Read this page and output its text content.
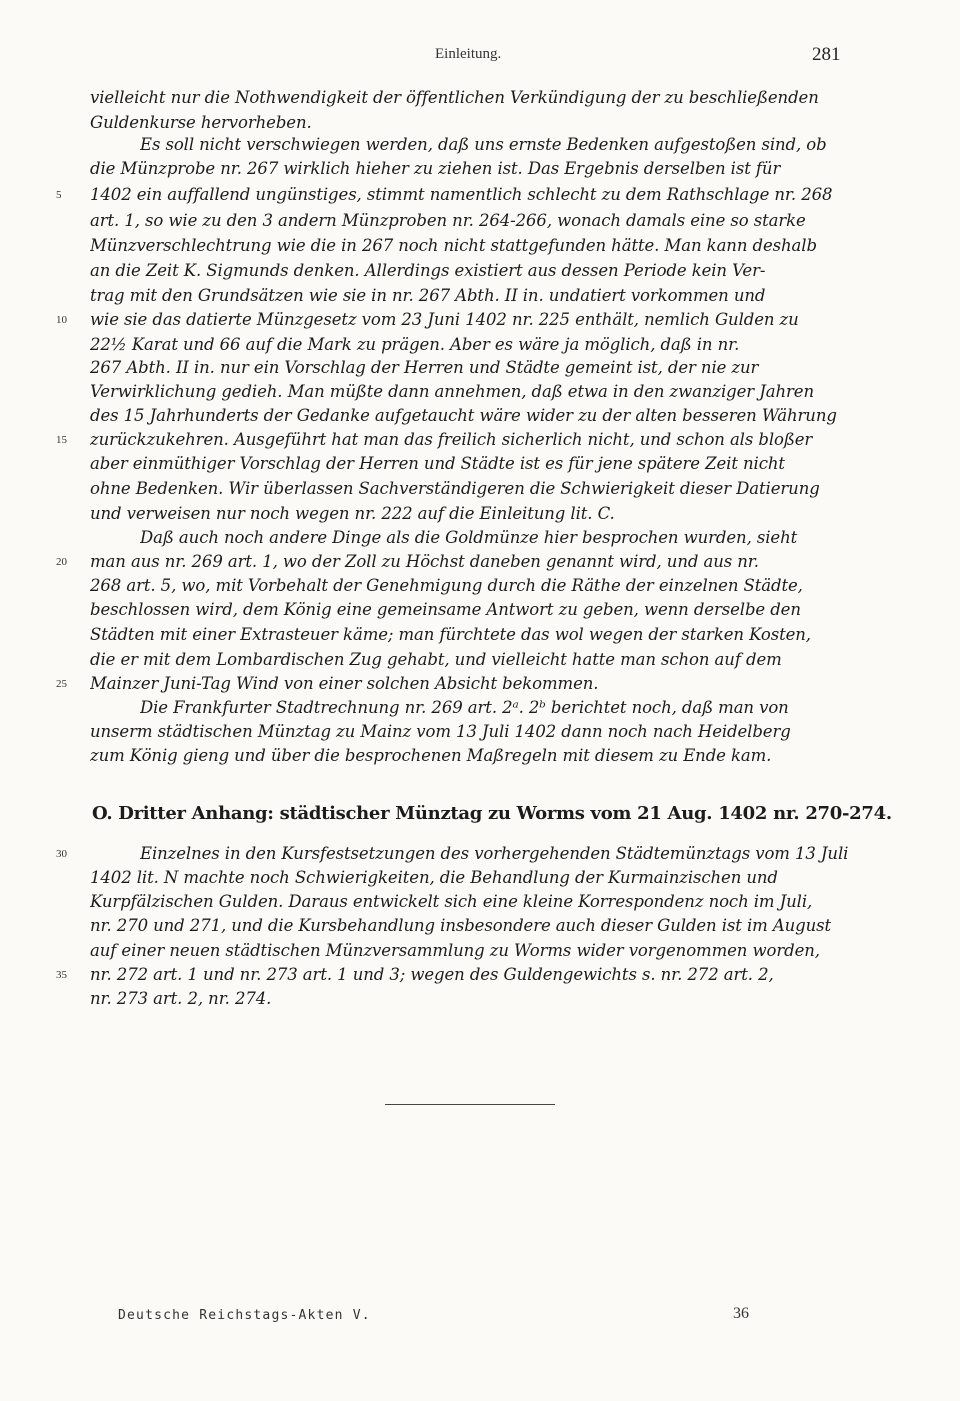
Einleitung.	281
vielleicht nur die Nothwendigkeit der öffentlichen Verkündigung der zu beschließenden
Guldenkurse hervorheben.
Es soll nicht verschwiegen werden, daß uns ernste Bedenken aufgestoßen sind, ob
die Münzprobe nr. 267 wirklich hieher zu ziehen ist. Das Ergebnis derselben ist für
1402 ein auffallend ungünstiges, stimmt namentlich schlecht zu dem Rathschlage nr. 268
art. 1, so wie zu den 3 andern Münzproben nr. 264-266, wonach damals eine so starke
Münzverschlechtrung wie die in 267 noch nicht stattgefunden hätte. Man kann deshalb
an die Zeit K. Sigmunds denken. Allerdings existiert aus dessen Periode kein Ver-
trag mit den Grundsätzen wie sie in nr. 267 Abth. II in. undatiert vorkommen und
wie sie das datierte Münzgesetz vom 23 Juni 1402 nr. 225 enthält, nemlich Gulden zu
22½ Karat und 66 auf die Mark zu prägen. Aber es wäre ja möglich, daß in nr.
267 Abth. II in. nur ein Vorschlag der Herren und Städte gemeint ist, der nie zur
Verwirklichung gedieh. Man müßte dann annehmen, daß etwa in den zwanziger Jahren
des 15 Jahrhunderts der Gedanke aufgetaucht wäre wider zu der alten besseren Währung
zurückzukehren. Ausgeführt hat man das freilich sicherlich nicht, und schon als bloßer
aber einmüthiger Vorschlag der Herren und Städte ist es für jene spätere Zeit nicht
ohne Bedenken. Wir überlassen Sachverständigeren die Schwierigkeit dieser Datierung
und verweisen nur noch wegen nr. 222 auf die Einleitung lit. C.
Daß auch noch andere Dinge als die Goldmünze hier besprochen wurden, sieht
man aus nr. 269 art. 1, wo der Zoll zu Höchst daneben genannt wird, und aus nr.
268 art. 5, wo, mit Vorbehalt der Genehmigung durch die Räthe der einzelnen Städte,
beschlossen wird, dem König eine gemeinsame Antwort zu geben, wenn derselbe den
Städten mit einer Extrasteuer käme; man fürchtete das wol wegen der starken Kosten,
die er mit dem Lombardischen Zug gehabt, und vielleicht hatte man schon auf dem
Mainzer Juni-Tag Wind von einer solchen Absicht bekommen.
Die Frankfurter Stadtrechnung nr. 269 art. 2ᵃ. 2ᵇ berichtet noch, daß man von
unserm städtischen Münztag zu Mainz vom 13 Juli 1402 dann noch nach Heidelberg
zum König gieng und über die besprochenen Maßregeln mit diesem zu Ende kam.
O. Dritter Anhang: städtischer Münztag zu Worms vom 21 Aug. 1402 nr. 270-274.
Einzelnes in den Kursfestsetzungen des vorhergehenden Städtemünztags vom 13 Juli
1402 lit. N machte noch Schwierigkeiten, die Behandlung der Kurmainzischen und
Kurpfälzischen Gulden. Daraus entwickelt sich eine kleine Korrespondenz noch im Juli,
nr. 270 und 271, und die Kursbehandlung insbesondere auch dieser Gulden ist im August
auf einer neuen städtischen Münzversammlung zu Worms wider vorgenommen worden,
nr. 272 art. 1 und nr. 273 art. 1 und 3; wegen des Guldengewichts s. nr. 272 art. 2,
nr. 273 art. 2, nr. 274.
5
10
15
20
25
30
35
Deutsche Reichstags-Akten V.	36
